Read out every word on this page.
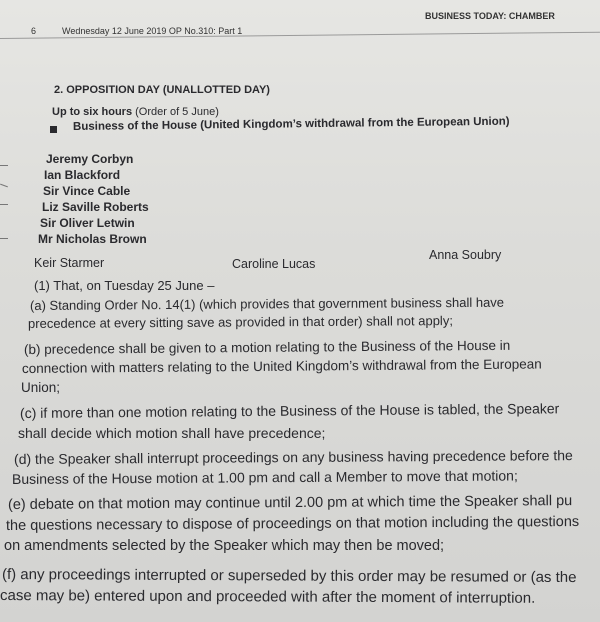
6	Wednesday 12 June 2019 OP No.310: Part 1
BUSINESS TODAY: CHAMBER
2. OPPOSITION DAY (UNALLOTTED DAY)
Up to six hours (Order of 5 June)
Business of the House (United Kingdom’s withdrawal from the European Union)
Jeremy Corbyn
Ian Blackford
Sir Vince Cable
Liz Saville Roberts
Sir Oliver Letwin
Mr Nicholas Brown
Keir Starmer	Caroline Lucas
Anna Soubry
(1) That, on Tuesday 25 June –
(a) Standing Order No. 14(1) (which provides that government business shall have
precedence at every sitting save as provided in that order) shall not apply;
(b) precedence shall be given to a motion relating to the Business of the House in
connection with matters relating to the United Kingdom’s withdrawal from the European
Union;
(c) if more than one motion relating to the Business of the House is tabled, the Speaker
shall decide which motion shall have precedence;
(d) the Speaker shall interrupt proceedings on any business having precedence before the
Business of the House motion at 1.00 pm and call a Member to move that motion;
(e) debate on that motion may continue until 2.00 pm at which time the Speaker shall pu
the questions necessary to dispose of proceedings on that motion including the questions
on amendments selected by the Speaker which may then be moved;
(f) any proceedings interrupted or superseded by this order may be resumed or (as the
case may be) entered upon and proceeded with after the moment of interruption.
